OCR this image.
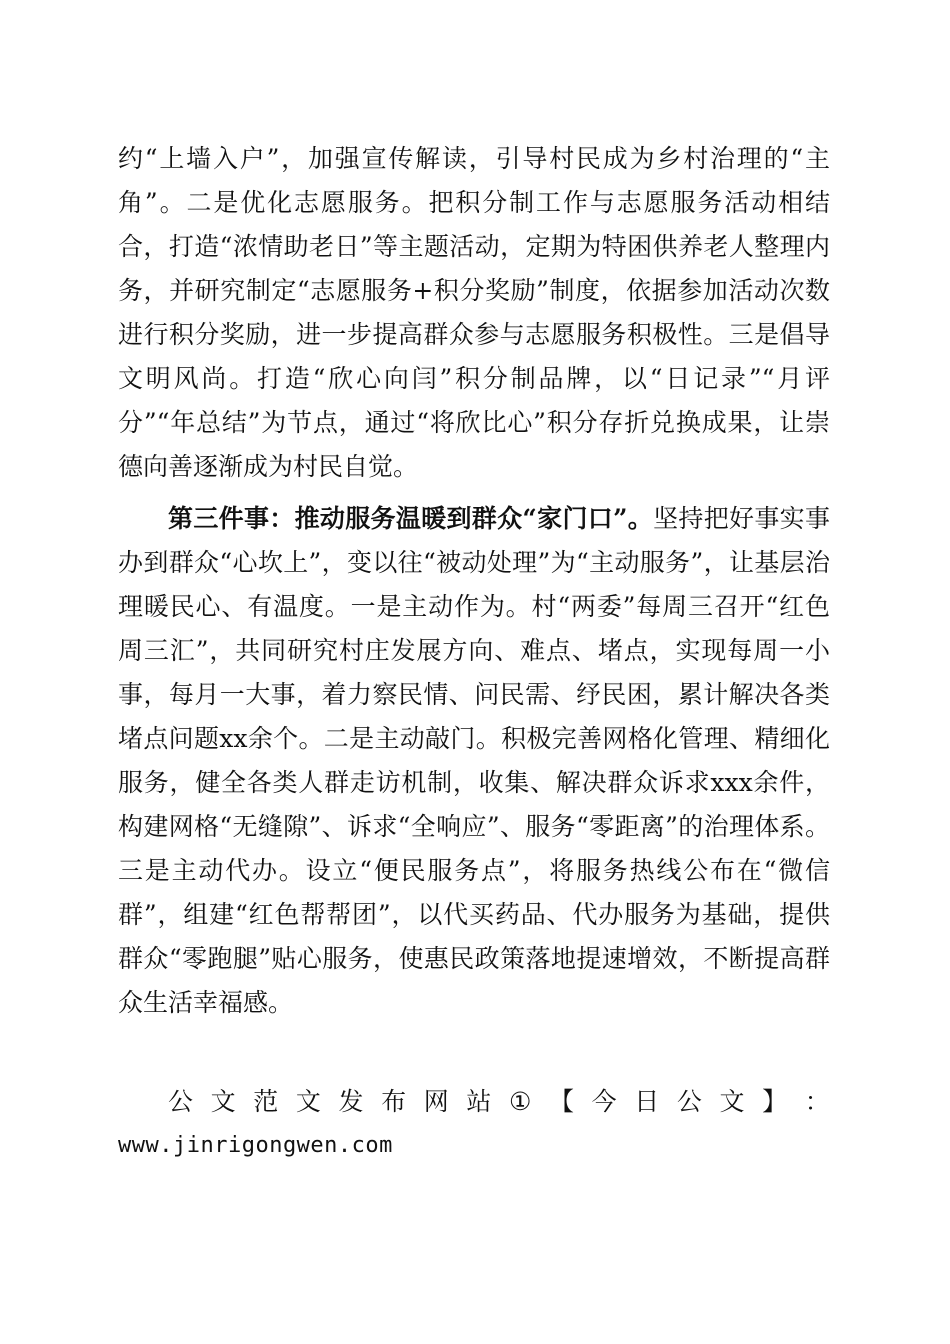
约“上墙入户”，加强宣传解读，引导村民成为乡村治理的“主角”。二是优化志愿服务。把积分制工作与志愿服务活动相结合，打造“浓情助老日”等主题活动，定期为特困供养老人整理内务，并研究制定“志愿服务+积分奖励”制度，依据参加活动次数进行积分奖励，进一步提高群众参与志愿服务积极性。三是倡导文明风尚。打造“欣心向闫”积分制品牌，以“日记录”“月评分”“年总结”为节点，通过“将欣比心”积分存折兑换成果，让崇德向善逐渐成为村民自觉。

第三件事：推动服务温暖到群众“家门口”。坚持把好事实事办到群众“心坎上”，变以往“被动处理”为“主动服务”，让基层治理暖民心、有温度。一是主动作为。村“两委”每周三召开“红色周三汇”，共同研究村庄发展方向、难点、堵点，实现每周一小事，每月一大事，着力察民情、问民需、纾民困，累计解决各类堵点问题xx余个。二是主动敲门。积极完善网格化管理、精细化服务，健全各类人群走访机制，收集、解决群众诉求xxx余件，构建网格“无缝隙”、诉求“全响应”、服务“零距离”的治理体系。三是主动代办。设立“便民服务点”，将服务热线公布在“微信群”，组建“红色帮帮团”，以代买药品、代办服务为基础，提供群众“零跑腿”贴心服务，使惠民政策落地提速增效，不断提高群众生活幸福感。

公 文 范 文 发 布 网 站 ① 【 今 日 公 文 】 ：
www.jinrigongwen.com
